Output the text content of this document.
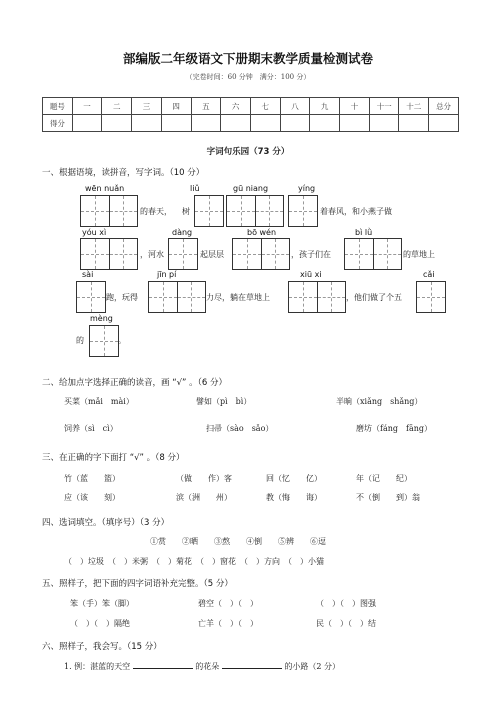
部编版二年级语文下册期末教学质量检测试卷
（完卷时间：60 分钟　满分：100 分）
题号	一	二	三	四	五	六	七	八	九	十	十一	十二	总分
得分													
字词句乐园（73 分）
一、根据语境，读拼音，写字词。（10 分）
wēn nuǎn	liǔ	gū niang	yíng
的春天， 树	着春风，和小燕子做
yóu xì	dàng	bō wén	bì lǜ
，河水	起层层	，孩子们在	的草地上
sài	jīn pí	xiū xi	cǎi
跑，玩得	力尽，躺在草地上	，他们做了个五
mèng
的	。
二、给加点字选择正确的读音，画 “√” 。（6 分）
买菜（mǎi　mài）	譬如（pì　bì）	半晌（xiǎng　shǎng）
饲养（sì　cì）	扫帚（sào　sǎo）	磨坊（fáng　fāng）
三、在正确的字下面打 “√” 。（8 分）
竹（蓝　　篮）	（做　　作）客	回（忆　　亿）	年（记　　纪）
应（该　　刻）	滨（洲　　州）	教（悔　　诲）	不（倒　　到）翁
四、选词填空。（填序号）（3 分）
①赏　　②晒　　③熬　　④倒　　⑤辨　　⑥逗
（　）垃圾　（　）米粥　（　）菊花　（　）窗花　（　）方向　（　）小猫
五、照样子，把下面的四字词语补充完整。（5 分）
笨（手）笨（脚）	碧空（　）（　）	（　）（　）图强
（　）（　）隔绝	亡羊（　）（　）	民（　）（　）结
六、照样子，我会写。（15 分）
1. 例：湛蓝的天空	的花朵	的小路（2 分）
